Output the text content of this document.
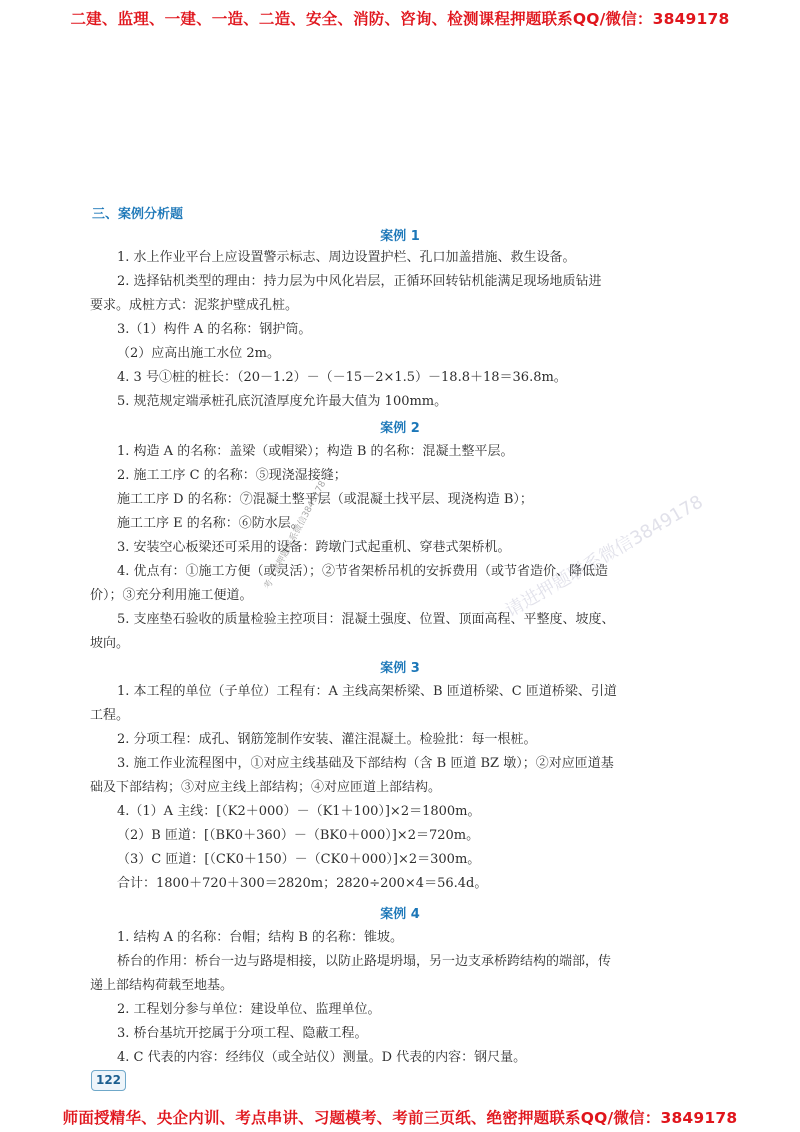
二建、监理、一建、一造、二造、安全、消防、咨询、检测课程押题联系QQ/微信：3849178
三、案例分析题
案例 1
1. 水上作业平台上应设置警示标志、周边设置护栏、孔口加盖措施、救生设备。
2. 选择钻机类型的理由：持力层为中风化岩层，正循环回转钻机能满足现场地质钻进
要求。成桩方式：泥浆护壁成孔桩。
3.（1）构件 A 的名称：钢护筒。
（2）应高出施工水位 2m。
4. 3 号①桩的桩长：（20－1.2）－（－15－2×1.5）－18.8＋18＝36.8m。
5. 规范规定端承桩孔底沉渣厚度允许最大值为 100mm。
案例 2
1. 构造 A 的名称：盖梁（或帽梁）；构造 B 的名称：混凝土整平层。
2. 施工工序 C 的名称：⑤现浇湿接缝；
施工工序 D 的名称：⑦混凝土整平层（或混凝土找平层、现浇构造 B）；
施工工序 E 的名称：⑥防水层。
3. 安装空心板梁还可采用的设备：跨墩门式起重机、穿巷式架桥机。
4. 优点有：①施工方便（或灵活）；②节省架桥吊机的安拆费用（或节省造价、降低造
价）；③充分利用施工便道。
5. 支座垫石验收的质量检验主控项目：混凝土强度、位置、顶面高程、平整度、坡度、
坡向。
案例 3
1. 本工程的单位（子单位）工程有：A 主线高架桥梁、B 匝道桥梁、C 匝道桥梁、引道
工程。
2. 分项工程：成孔、钢筋笼制作安装、灌注混凝土。检验批：每一根桩。
3. 施工作业流程图中，①对应主线基础及下部结构（含 B 匝道 BZ 墩）；②对应匝道基
础及下部结构；③对应主线上部结构；④对应匝道上部结构。
4.（1）A 主线：[（K2＋000）－（K1＋100）]×2＝1800m。
（2）B 匝道：[（BK0＋360）－（BK0＋000）]×2＝720m。
（3）C 匝道：[（CK0＋150）－（CK0＋000）]×2＝300m。
合计：1800＋720＋300＝2820m；2820÷200×4＝56.4d。
案例 4
1. 结构 A 的名称：台帽；结构 B 的名称：锥坡。
桥台的作用：桥台一边与路堤相接，以防止路堤坍塌，另一边支承桥跨结构的端部，传
递上部结构荷载至地基。
2. 工程划分参与单位：建设单位、监理单位。
3. 桥台基坑开挖属于分项工程、隐蔽工程。
4. C 代表的内容：经纬仪（或全站仪）测量。D 代表的内容：钢尺量。
请进押题联系微信3849178
考一建押题联系微信3849178
122
师面授精华、央企内训、考点串讲、习题模考、考前三页纸、绝密押题联系QQ/微信：3849178
